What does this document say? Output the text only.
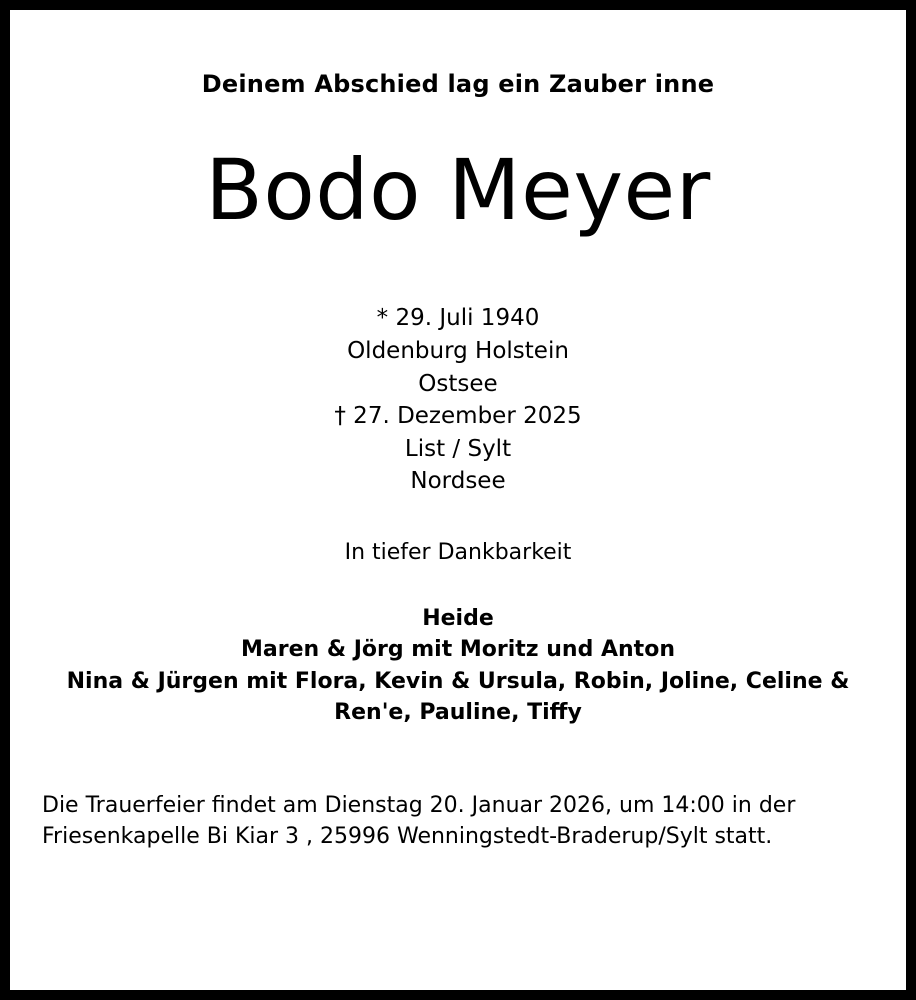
Deinem Abschied lag ein Zauber inne
Bodo Meyer
* 29. Juli 1940
Oldenburg Holstein
Ostsee
† 27. Dezember 2025
List / Sylt
Nordsee
In tiefer Dankbarkeit
Heide
Maren & Jörg mit Moritz und Anton
Nina & Jürgen mit Flora, Kevin & Ursula, Robin, Joline, Celine &
Ren'e, Pauline, Tiffy
Die Trauerfeier findet am Dienstag 20. Januar 2026, um 14:00 in der Friesenkapelle Bi Kiar 3 , 25996 Wenningstedt-Braderup/Sylt statt.
